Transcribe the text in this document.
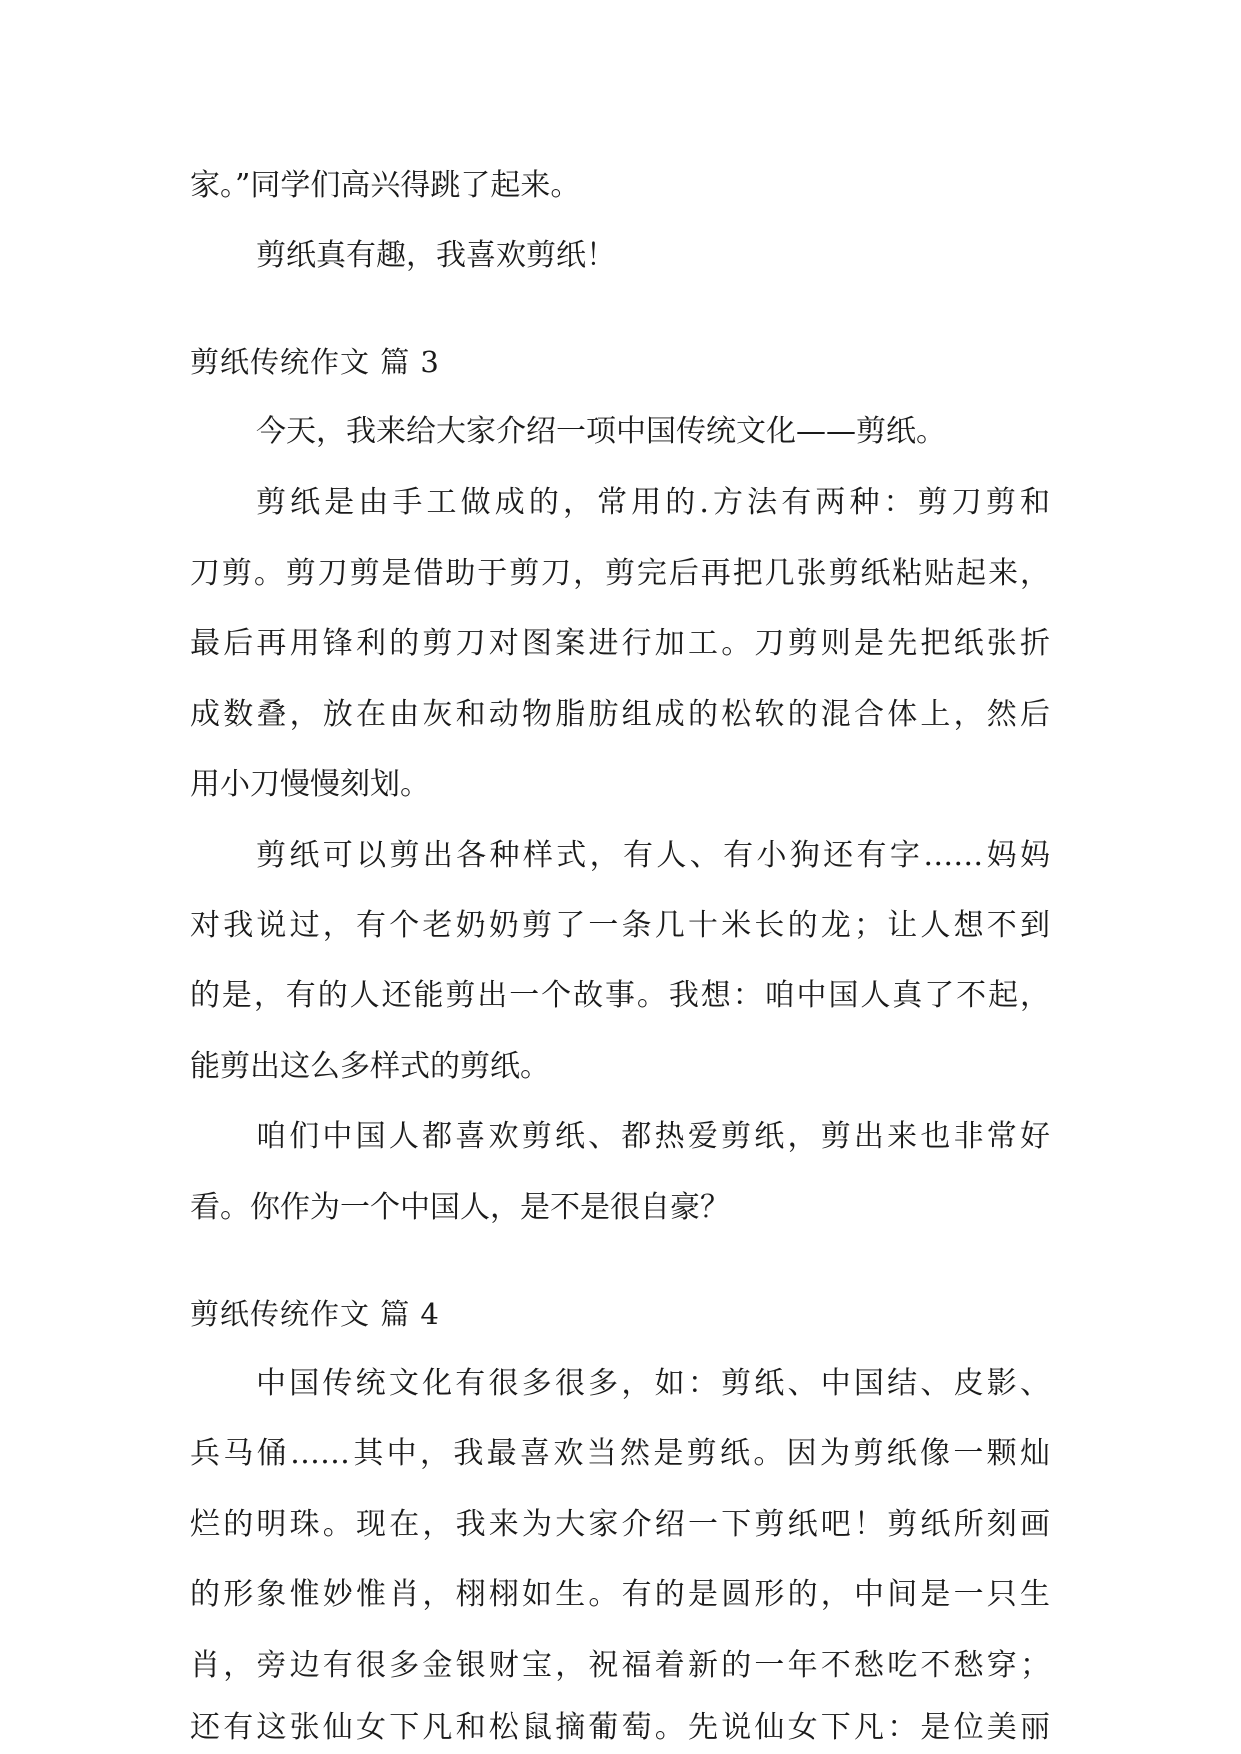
家。”同学们高兴得跳了起来。
剪纸真有趣，我喜欢剪纸！
剪纸传统作文 篇 3
今天，我来给大家介绍一项中国传统文化——剪纸。
剪纸是由手工做成的，常用的.方法有两种：剪刀剪和
刀剪。剪刀剪是借助于剪刀，剪完后再把几张剪纸粘贴起来，
最后再用锋利的剪刀对图案进行加工。刀剪则是先把纸张折
成数叠，放在由灰和动物脂肪组成的松软的混合体上，然后
用小刀慢慢刻划。
剪纸可以剪出各种样式，有人、有小狗还有字……妈妈
对我说过，有个老奶奶剪了一条几十米长的龙；让人想不到
的是，有的人还能剪出一个故事。我想：咱中国人真了不起，
能剪出这么多样式的剪纸。
咱们中国人都喜欢剪纸、都热爱剪纸，剪出来也非常好
看。你作为一个中国人，是不是很自豪？
剪纸传统作文 篇 4
中国传统文化有很多很多，如：剪纸、中国结、皮影、
兵马俑……其中，我最喜欢当然是剪纸。因为剪纸像一颗灿
烂的明珠。现在，我来为大家介绍一下剪纸吧！剪纸所刻画
的形象惟妙惟肖，栩栩如生。有的是圆形的，中间是一只生
肖，旁边有很多金银财宝，祝福着新的一年不愁吃不愁穿；
还有这张仙女下凡和松鼠摘葡萄。先说仙女下凡：是位美丽
